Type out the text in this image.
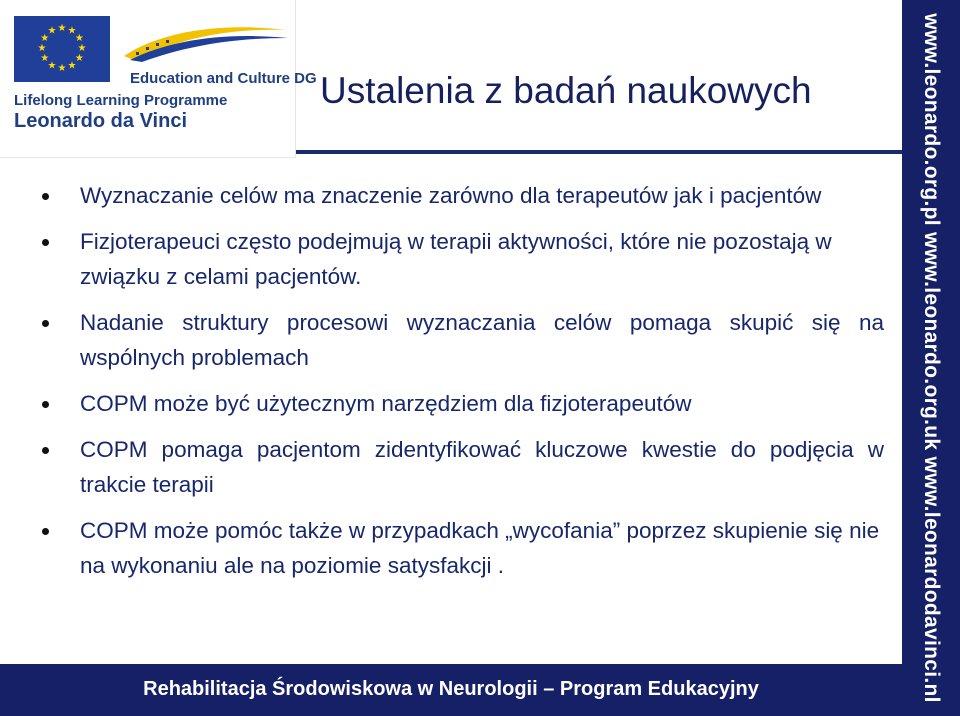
★ ★
★
★
★
★
★
★
★
★
★
★
Education and Culture DG
Lifelong Learning Programme
Leonardo da Vinci
Ustalenia z badań naukowych
Wyznaczanie celów ma znaczenie zarówno dla terapeutów jak i pacjentów
Fizjoterapeuci często podejmują w terapii aktywności, które nie pozostają w związku z celami pacjentów.
Nadanie struktury procesowi wyznaczania celów pomaga skupić się na wspólnych problemach
COPM może być użytecznym narzędziem dla fizjoterapeutów
COPM pomaga pacjentom zidentyfikować kluczowe kwestie do podjęcia w trakcie terapii
COPM może pomóc także w przypadkach „wycofania” poprzez skupienie się nie na wykonaniu ale na poziomie satysfakcji .
Rehabilitacja Środowiskowa w Neurologii – Program Edukacyjny	www.leonardo.org.pl www.leonardo.org.uk www.leonardodavinci.nl
